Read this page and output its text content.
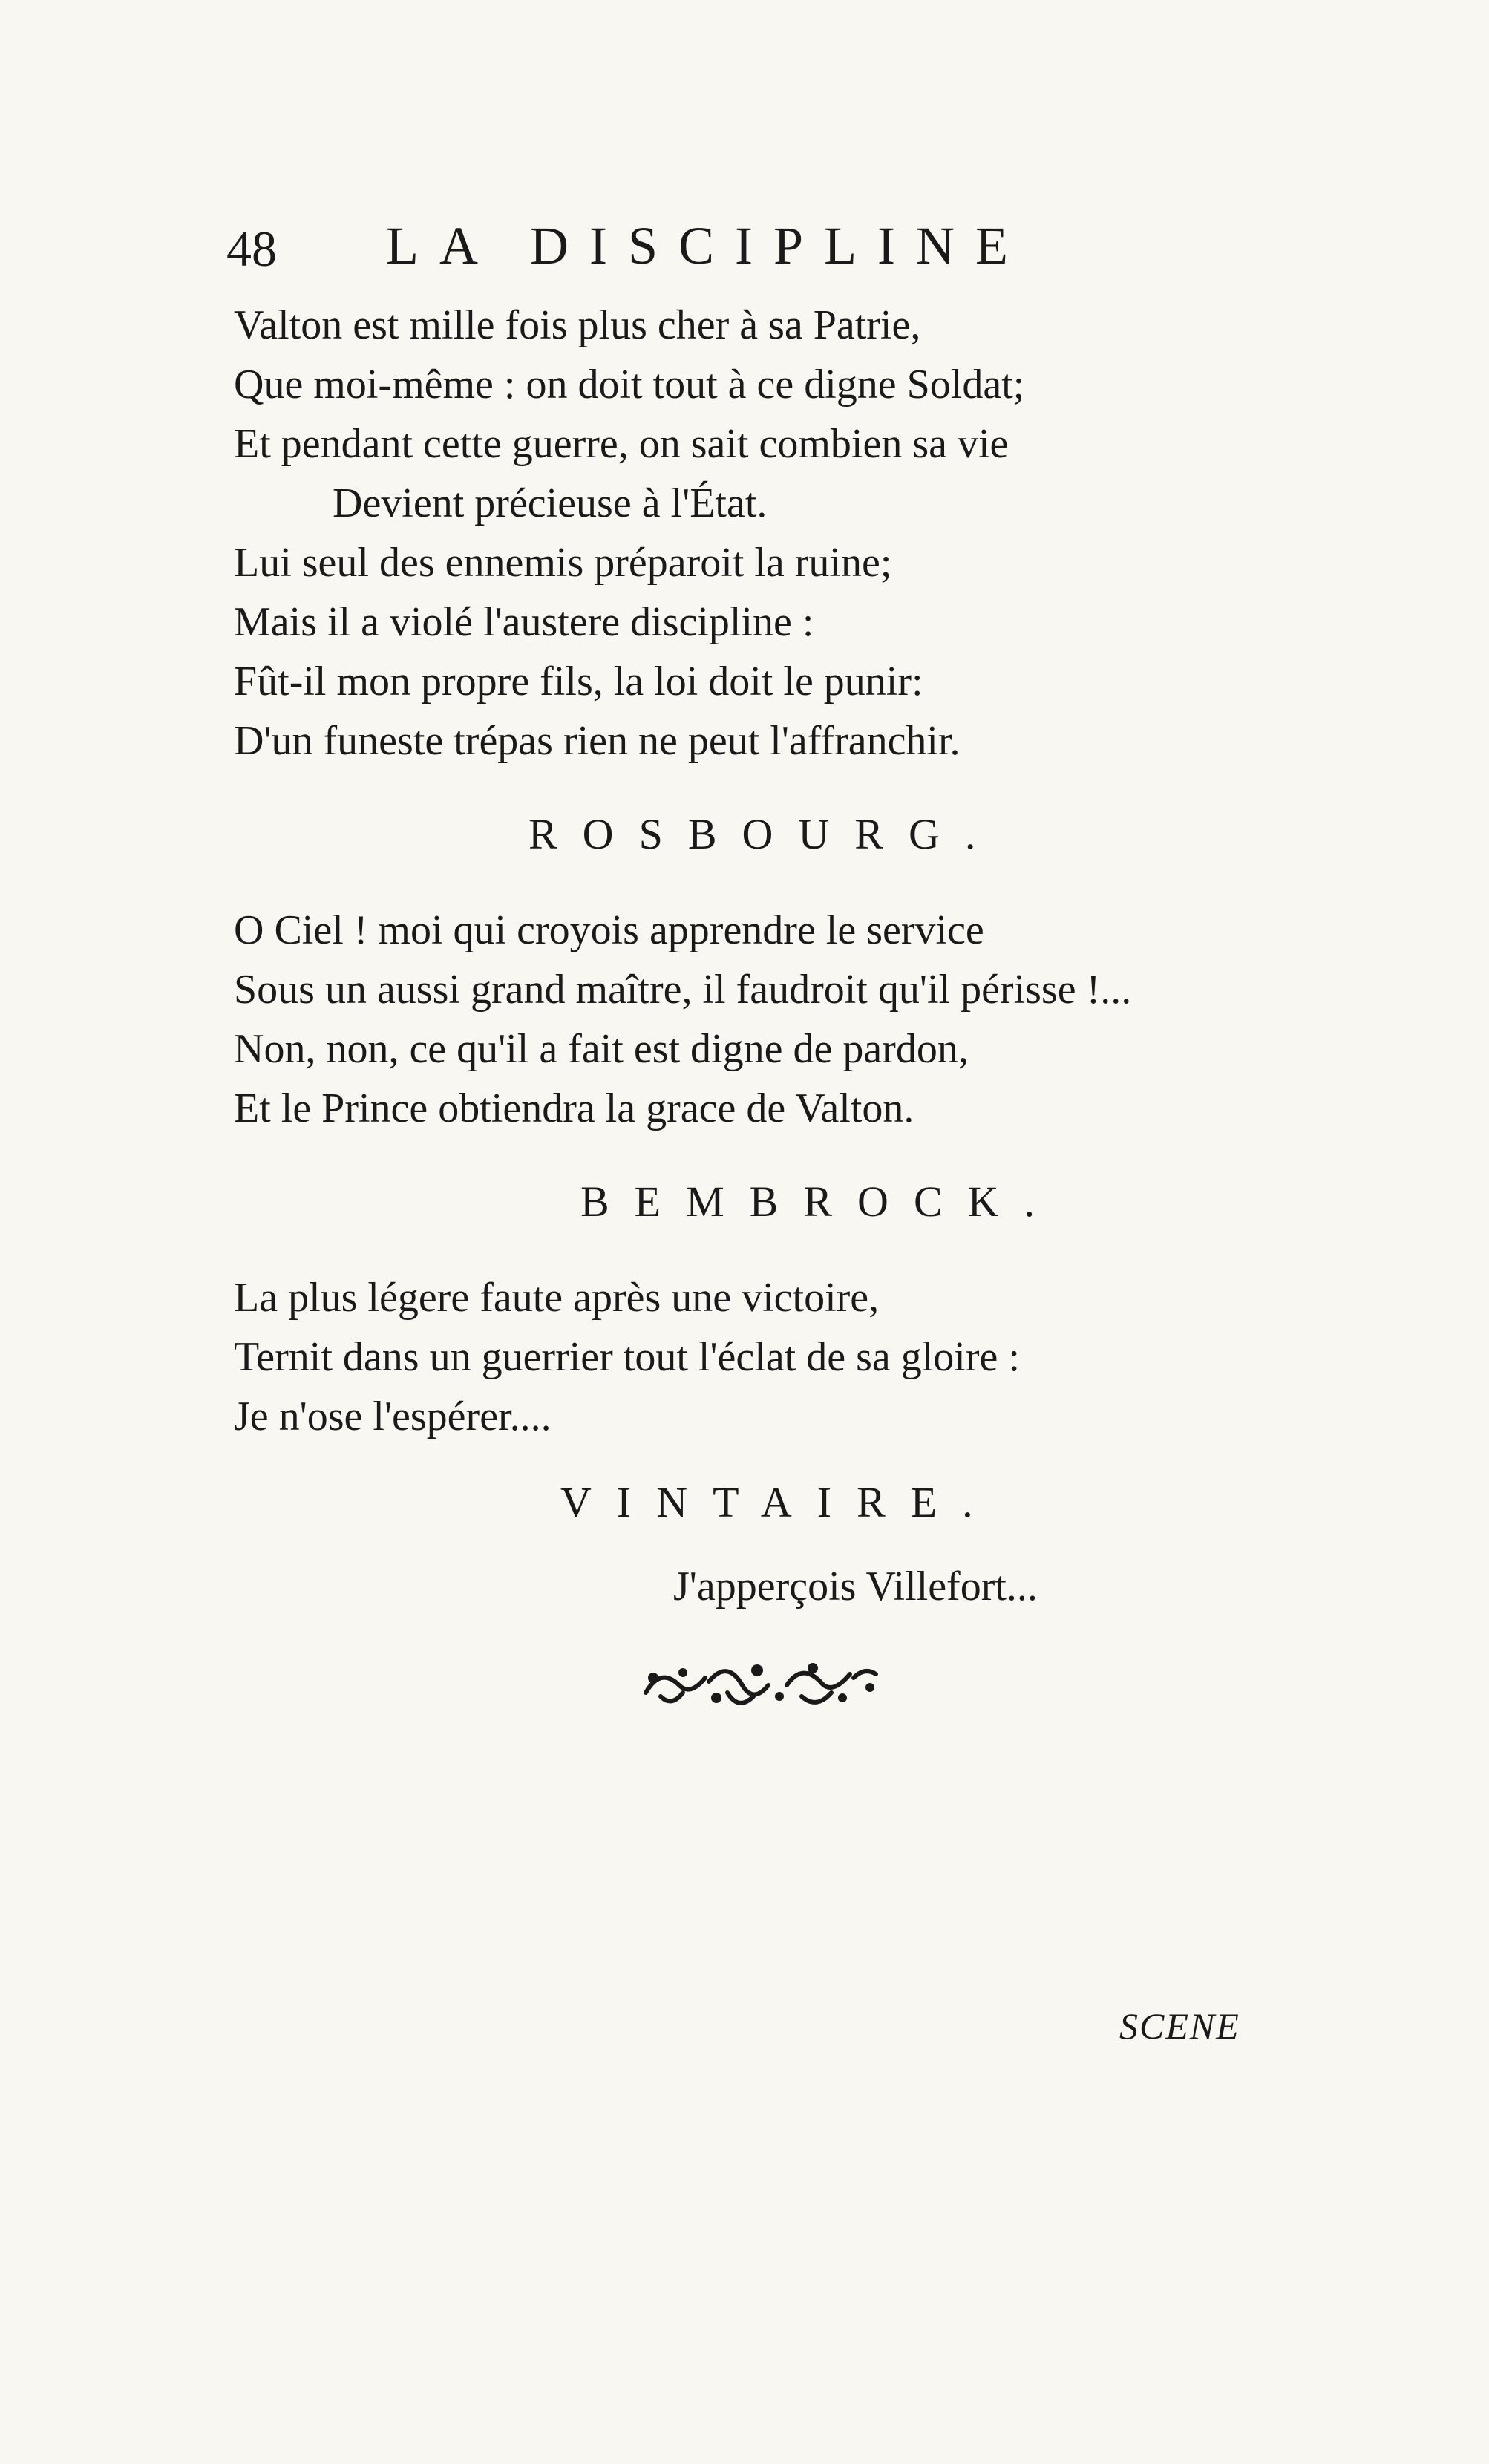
48 LA DISCIPLINE
Valton est mille fois plus cher à sa Patrie,
Que moi-même : on doit tout à ce digne Soldat;
Et pendant cette guerre, on sait combien sa vie
Devient précieuse à l'État.
Lui seul des ennemis préparoit la ruine;
Mais il a violé l'austere discipline :
Fût-il mon propre fils, la loi doit le punir:
D'un funeste trépas rien ne peut l'affranchir.
ROSBOURG.
O Ciel ! moi qui croyois apprendre le service
Sous un aussi grand maître, il faudroit qu'il périsse !...
Non, non, ce qu'il a fait est digne de pardon,
Et le Prince obtiendra la grace de Valton.
BEMBROCK.
La plus légere faute après une victoire,
Ternit dans un guerrier tout l'éclat de sa gloire :
Je n'ose l'espérer....
VINTAIRE.
J'apperçois Villefort...
SCENE
